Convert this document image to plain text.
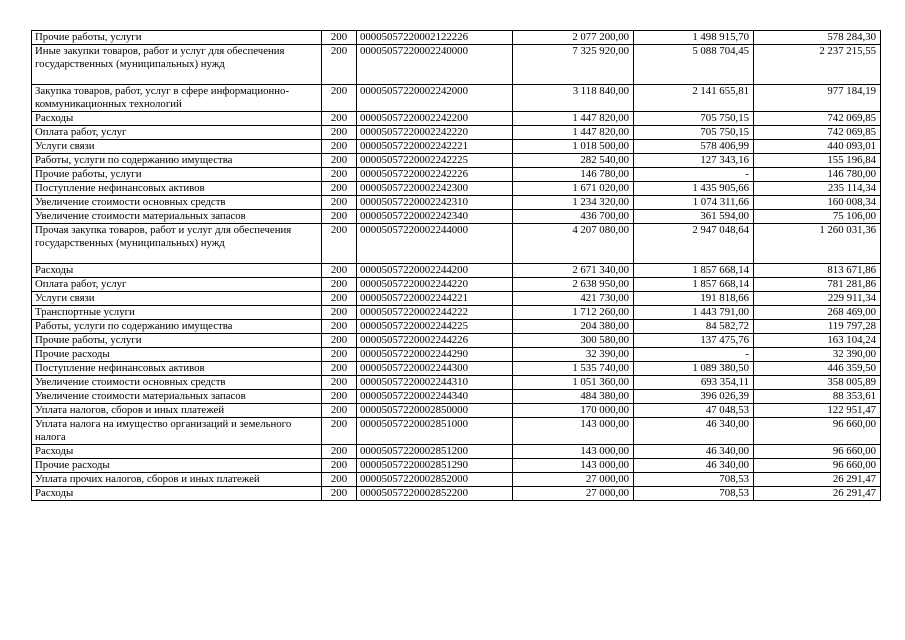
Прочие работы, услуги	200	00005057220002122226	2 077 200,00	1 498 915,70	578 284,30
Иные закупки товаров, работ и услуг для обеспечения государственных (муниципальных) нужд	200	00005057220002240000	7 325 920,00	5 088 704,45	2 237 215,55
Закупка товаров, работ, услуг в сфере информационно-коммуникационных технологий	200	00005057220002242000	3 118 840,00	2 141 655,81	977 184,19
Расходы	200	00005057220002242200	1 447 820,00	705 750,15	742 069,85
Оплата работ, услуг	200	00005057220002242220	1 447 820,00	705 750,15	742 069,85
Услуги связи	200	00005057220002242221	1 018 500,00	578 406,99	440 093,01
Работы, услуги по содержанию имущества	200	00005057220002242225	282 540,00	127 343,16	155 196,84
Прочие работы, услуги	200	00005057220002242226	146 780,00	-	146 780,00
Поступление нефинансовых активов	200	00005057220002242300	1 671 020,00	1 435 905,66	235 114,34
Увеличение стоимости основных средств	200	00005057220002242310	1 234 320,00	1 074 311,66	160 008,34
Увеличение стоимости материальных запасов	200	00005057220002242340	436 700,00	361 594,00	75 106,00
Прочая закупка товаров, работ и услуг для обеспечения государственных (муниципальных) нужд	200	00005057220002244000	4 207 080,00	2 947 048,64	1 260 031,36
Расходы	200	00005057220002244200	2 671 340,00	1 857 668,14	813 671,86
Оплата работ, услуг	200	00005057220002244220	2 638 950,00	1 857 668,14	781 281,86
Услуги связи	200	00005057220002244221	421 730,00	191 818,66	229 911,34
Транспортные услуги	200	00005057220002244222	1 712 260,00	1 443 791,00	268 469,00
Работы, услуги по содержанию имущества	200	00005057220002244225	204 380,00	84 582,72	119 797,28
Прочие работы, услуги	200	00005057220002244226	300 580,00	137 475,76	163 104,24
Прочие расходы	200	00005057220002244290	32 390,00	-	32 390,00
Поступление нефинансовых активов	200	00005057220002244300	1 535 740,00	1 089 380,50	446 359,50
Увеличение стоимости основных средств	200	00005057220002244310	1 051 360,00	693 354,11	358 005,89
Увеличение стоимости материальных запасов	200	00005057220002244340	484 380,00	396 026,39	88 353,61
Уплата налогов, сборов и иных платежей	200	00005057220002850000	170 000,00	47 048,53	122 951,47
Уплата налога на имущество организаций и земельного налога	200	00005057220002851000	143 000,00	46 340,00	96 660,00
Расходы	200	00005057220002851200	143 000,00	46 340,00	96 660,00
Прочие расходы	200	00005057220002851290	143 000,00	46 340,00	96 660,00
Уплата прочих налогов, сборов и иных платежей	200	00005057220002852000	27 000,00	708,53	26 291,47
Расходы	200	00005057220002852200	27 000,00	708,53	26 291,47
